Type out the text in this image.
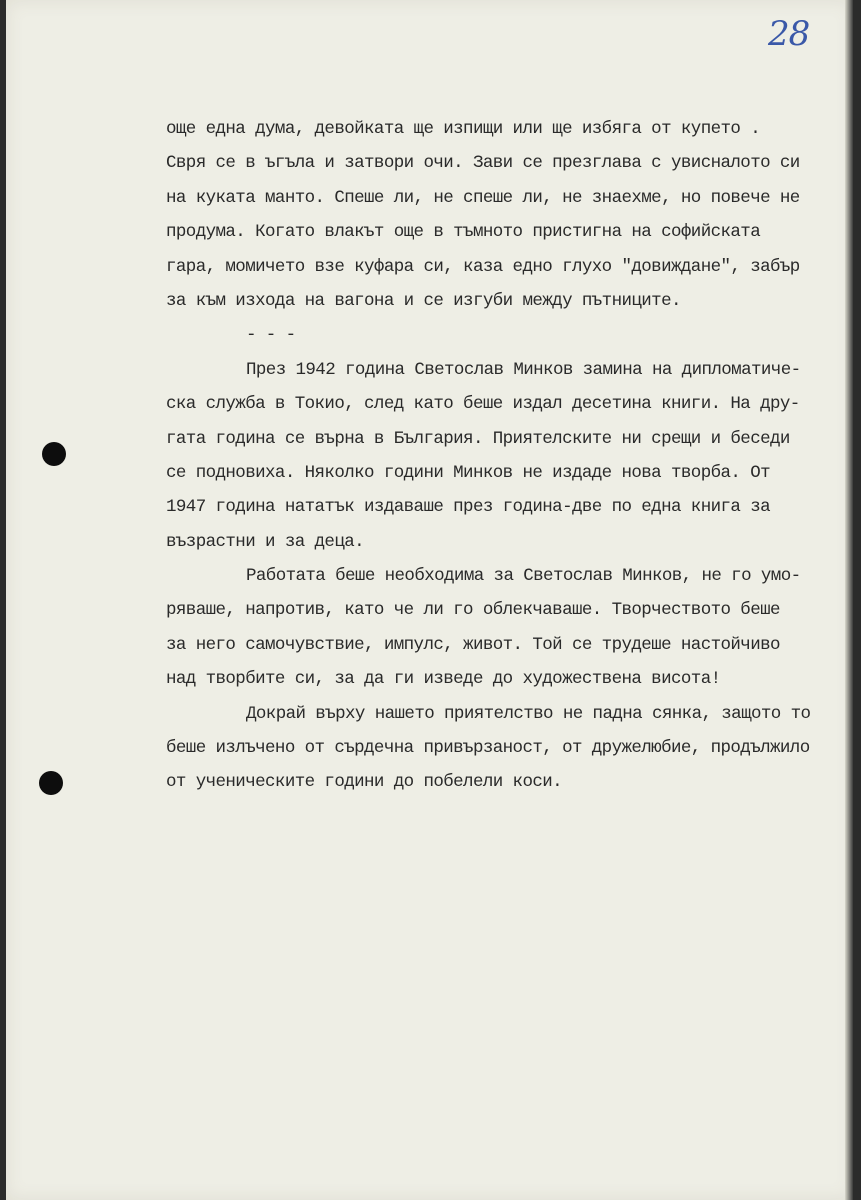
28
още една дума, девойката ще изпищи или ще избяга от купето .
Свря се в ъгъла и затвори очи. Зави се презглава с увисналото си
на куката манто. Спеше ли, не спеше ли, не знаехме, но повече не
продума. Когато влакът още в тъмното пристигна на софийската
гара, момичето взе куфара си, каза едно глухо "довиждане", забър
за към изхода на вагона и се изгуби между пътниците.
- - -
През 1942 година Светослав Минков замина на дипломатиче-
ска служба в Токио, след като беше издал десетина книги. На дру-
гата година се върна в България. Приятелските ни срещи и беседи
се подновиха. Няколко години Минков не издаде нова творба. От
1947 година нататък издаваше през година-две по една книга за
възрастни и за деца.
Работата беше необходима за Светослав Минков, не го умо-
ряваше, напротив, като че ли го облекчаваше. Творчеството беше
за него самочувствие, импулс, живот. Той се трудеше настойчиво
над творбите си, за да ги изведе до художествена висота!
Докрай върху нашето приятелство не падна сянка, защото то
беше излъчено от сърдечна привързаност, от дружелюбие, продължило
от ученическите години до побелели коси.
